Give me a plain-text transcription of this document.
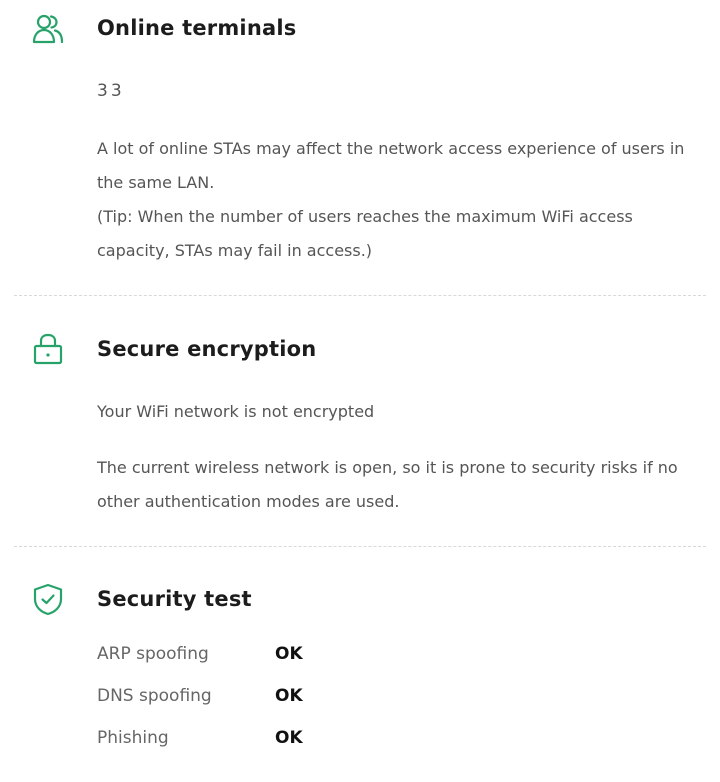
Online terminals
33
A lot of online STAs may affect the network access experience of users in the same LAN.
(Tip: When the number of users reaches the maximum WiFi access capacity, STAs may fail in access.)
Secure encryption
Your WiFi network is not encrypted
The current wireless network is open, so it is prone to security risks if no other authentication modes are used.
Security test
ARP spoofing	OK
DNS spoofing	OK
Phishing	OK
